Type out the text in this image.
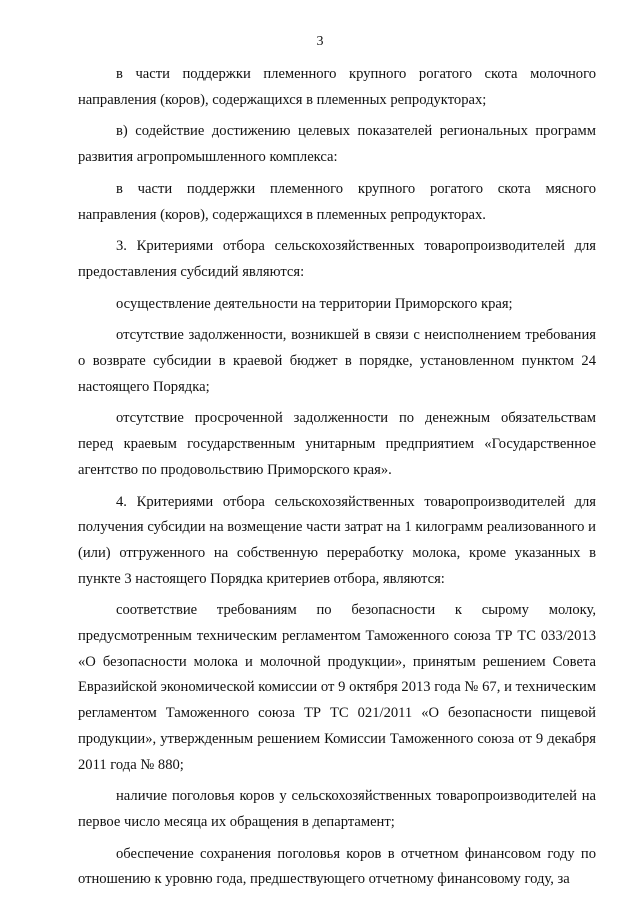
3

в части поддержки племенного крупного рогатого скота молочного направления (коров), содержащихся в племенных репродукторах;

в) содействие достижению целевых показателей региональных программ развития агропромышленного комплекса:

в части поддержки племенного крупного рогатого скота мясного направления (коров), содержащихся в племенных репродукторах.

3. Критериями отбора сельскохозяйственных товаропроизводителей для предоставления субсидий являются:

осуществление деятельности на территории Приморского края;

отсутствие задолженности, возникшей в связи с неисполнением требования о возврате субсидии в краевой бюджет в порядке, установленном пунктом 24 настоящего Порядка;

отсутствие просроченной задолженности по денежным обязательствам перед краевым государственным унитарным предприятием «Государственное агентство по продовольствию Приморского края».

4. Критериями отбора сельскохозяйственных товаропроизводителей для получения субсидии на возмещение части затрат на 1 килограмм реализованного и (или) отгруженного на собственную переработку молока, кроме указанных в пункте 3 настоящего Порядка критериев отбора, являются:

соответствие требованиям по безопасности к сырому молоку, предусмотренным техническим регламентом Таможенного союза ТР ТС 033/2013 «О безопасности молока и молочной продукции», принятым решением Совета Евразийской экономической комиссии от 9 октября 2013 года № 67, и техническим регламентом Таможенного союза ТР ТС 021/2011 «О безопасности пищевой продукции», утвержденным решением Комиссии Таможенного союза от 9 декабря 2011 года № 880;

наличие поголовья коров у сельскохозяйственных товаропроизводителей на первое число месяца их обращения в департамент;

обеспечение сохранения поголовья коров в отчетном финансовом году по отношению к уровню года, предшествующего отчетному финансовому году, за
